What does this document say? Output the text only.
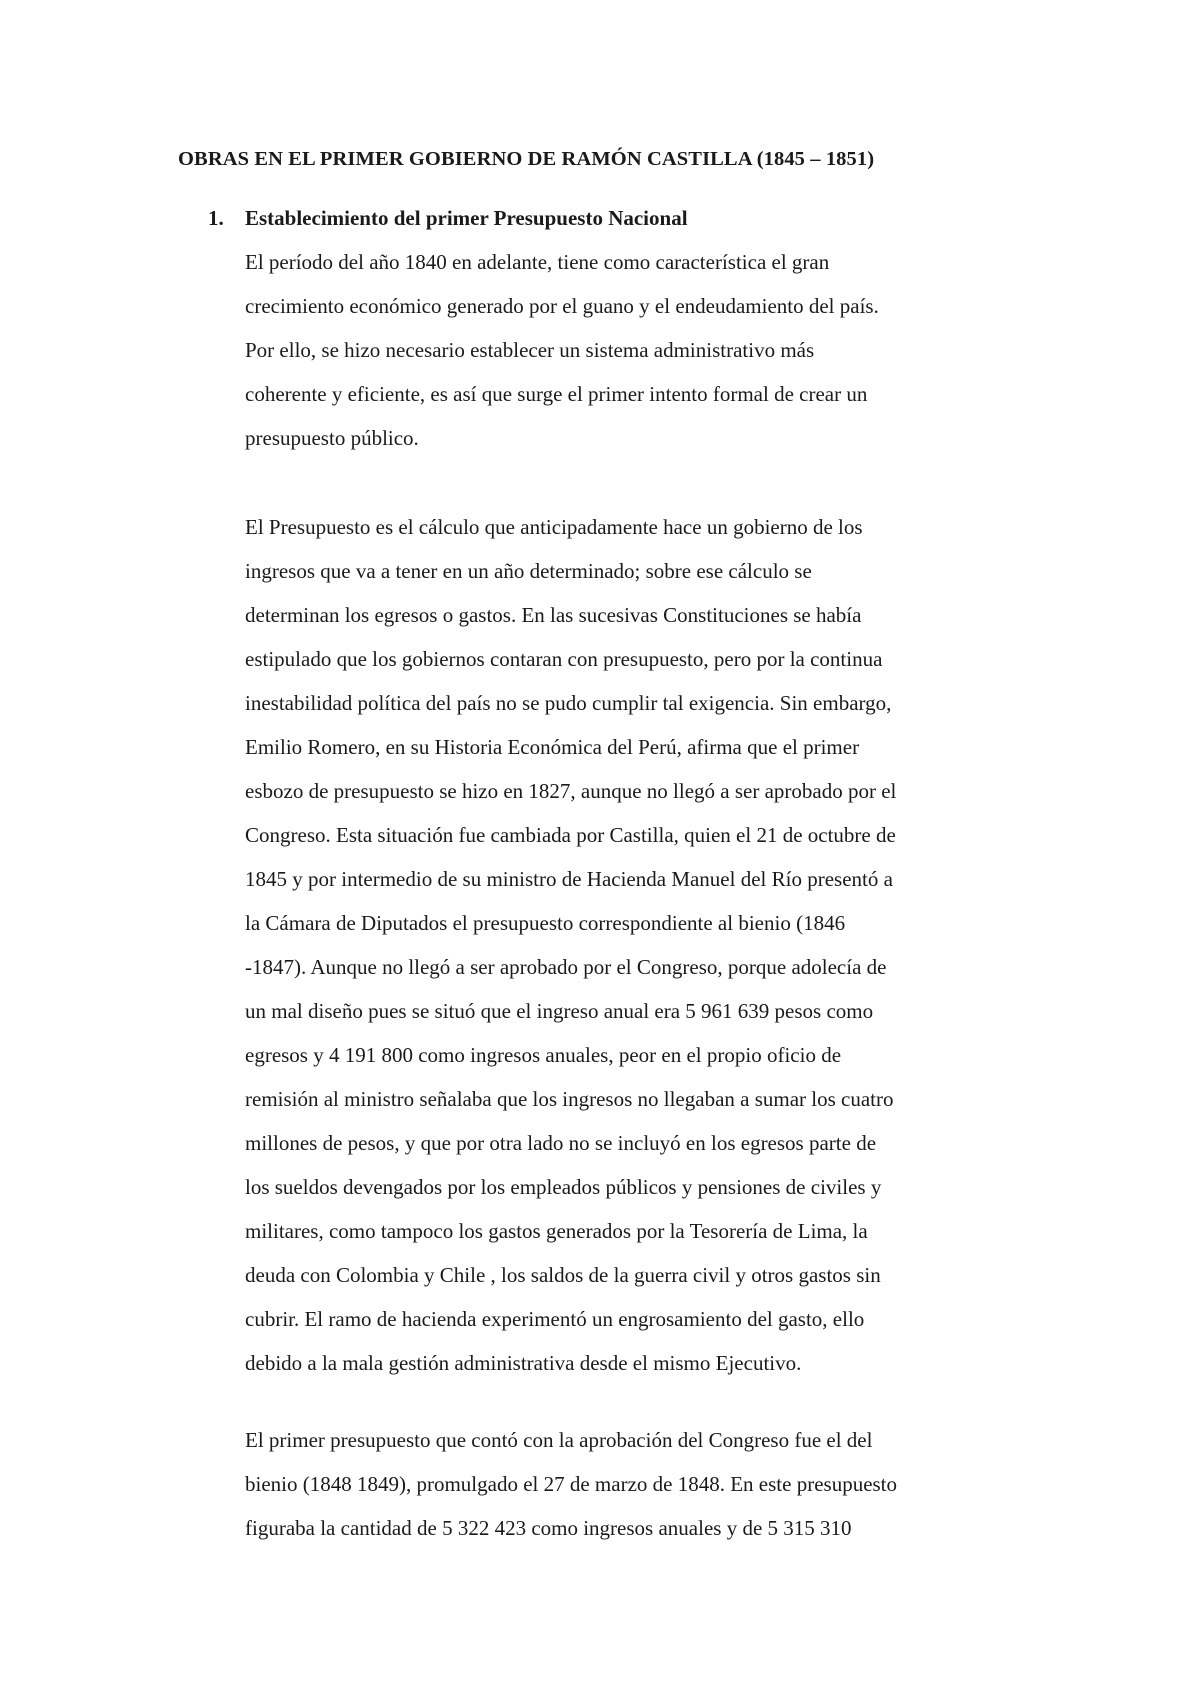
OBRAS EN EL PRIMER GOBIERNO DE RAMÓN CASTILLA (1845 – 1851)
1. Establecimiento del primer Presupuesto Nacional

El período del año 1840 en adelante, tiene como característica el gran
crecimiento económico generado por el guano y el endeudamiento del país.
Por ello, se hizo necesario establecer un sistema administrativo más
coherente y eficiente, es así que surge el primer intento formal de crear un
presupuesto público.

El Presupuesto es el cálculo que anticipadamente hace un gobierno de los
ingresos que va a tener en un año determinado; sobre ese cálculo se
determinan los egresos o gastos. En las sucesivas Constituciones se había
estipulado que los gobiernos contaran con presupuesto, pero por la continua
inestabilidad política del país no se pudo cumplir tal exigencia. Sin embargo,
Emilio Romero, en su Historia Económica del Perú, afirma que el primer
esbozo de presupuesto se hizo en 1827, aunque no llegó a ser aprobado por el
Congreso. Esta situación fue cambiada por Castilla, quien el 21 de octubre de
1845 y por intermedio de su ministro de Hacienda Manuel del Río presentó a
la Cámara de Diputados el presupuesto correspondiente al bienio (1846
-1847). Aunque no llegó a ser aprobado por el Congreso, porque adolecía de
un mal diseño pues se situó que el ingreso anual era 5 961 639 pesos como
egresos y 4 191 800 como ingresos anuales, peor en el propio oficio de
remisión al ministro señalaba que los ingresos no llegaban a sumar los cuatro
millones de pesos, y que por otra lado no se incluyó en los egresos parte de
los sueldos devengados por los empleados públicos y pensiones de civiles y
militares, como tampoco los gastos generados por la Tesorería de Lima, la
deuda con Colombia y Chile , los saldos de la guerra civil y otros gastos sin
cubrir. El ramo de hacienda experimentó un engrosamiento del gasto, ello
debido a la mala gestión administrativa desde el mismo Ejecutivo.

El primer presupuesto que contó con la aprobación del Congreso fue el del
bienio (1848 1849), promulgado el 27 de marzo de 1848. En este presupuesto
figuraba la cantidad de 5 322 423 como ingresos anuales y de 5 315 310
